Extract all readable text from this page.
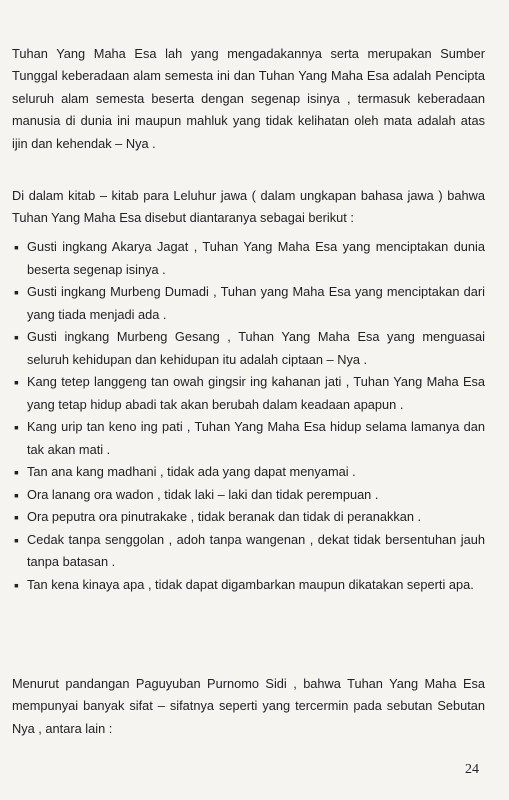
Tuhan Yang Maha Esa lah yang mengadakannya serta merupakan Sumber Tunggal keberadaan alam semesta ini dan Tuhan Yang Maha Esa adalah Pencipta seluruh alam semesta beserta dengan segenap isinya , termasuk keberadaan manusia di dunia ini maupun mahluk yang tidak kelihatan oleh mata adalah atas ijin dan kehendak – Nya .

Di dalam kitab – kitab para Leluhur jawa ( dalam ungkapan bahasa jawa ) bahwa Tuhan Yang Maha Esa disebut diantaranya sebagai berikut :

▪ Gusti ingkang Akarya Jagat , Tuhan Yang Maha Esa yang menciptakan dunia beserta segenap isinya .
▪ Gusti ingkang Murbeng Dumadi , Tuhan yang Maha Esa yang menciptakan dari yang tiada menjadi ada .
▪ Gusti ingkang Murbeng Gesang , Tuhan Yang Maha Esa yang menguasai seluruh kehidupan dan kehidupan itu adalah ciptaan – Nya .
▪ Kang tetep langgeng tan owah gingsir ing kahanan jati , Tuhan Yang Maha Esa yang tetap hidup abadi tak akan berubah dalam keadaan apapun .
▪ Kang urip tan keno ing pati , Tuhan Yang Maha Esa hidup selama lamanya dan tak akan mati .
▪ Tan ana kang madhani , tidak ada yang dapat menyamai .
▪ Ora lanang ora wadon , tidak laki – laki dan tidak perempuan .
▪ Ora peputra ora pinutrakake , tidak beranak dan tidak di peranakkan .
▪ Cedak tanpa senggolan , adoh tanpa wangenan , dekat tidak bersentuhan jauh tanpa batasan .
▪ Tan kena kinaya apa , tidak dapat digambarkan maupun dikatakan seperti apa.

Menurut pandangan Paguyuban Purnomo Sidi , bahwa Tuhan Yang Maha Esa mempunyai banyak sifat – sifatnya seperti yang tercermin pada sebutan Sebutan Nya , antara lain :

24
